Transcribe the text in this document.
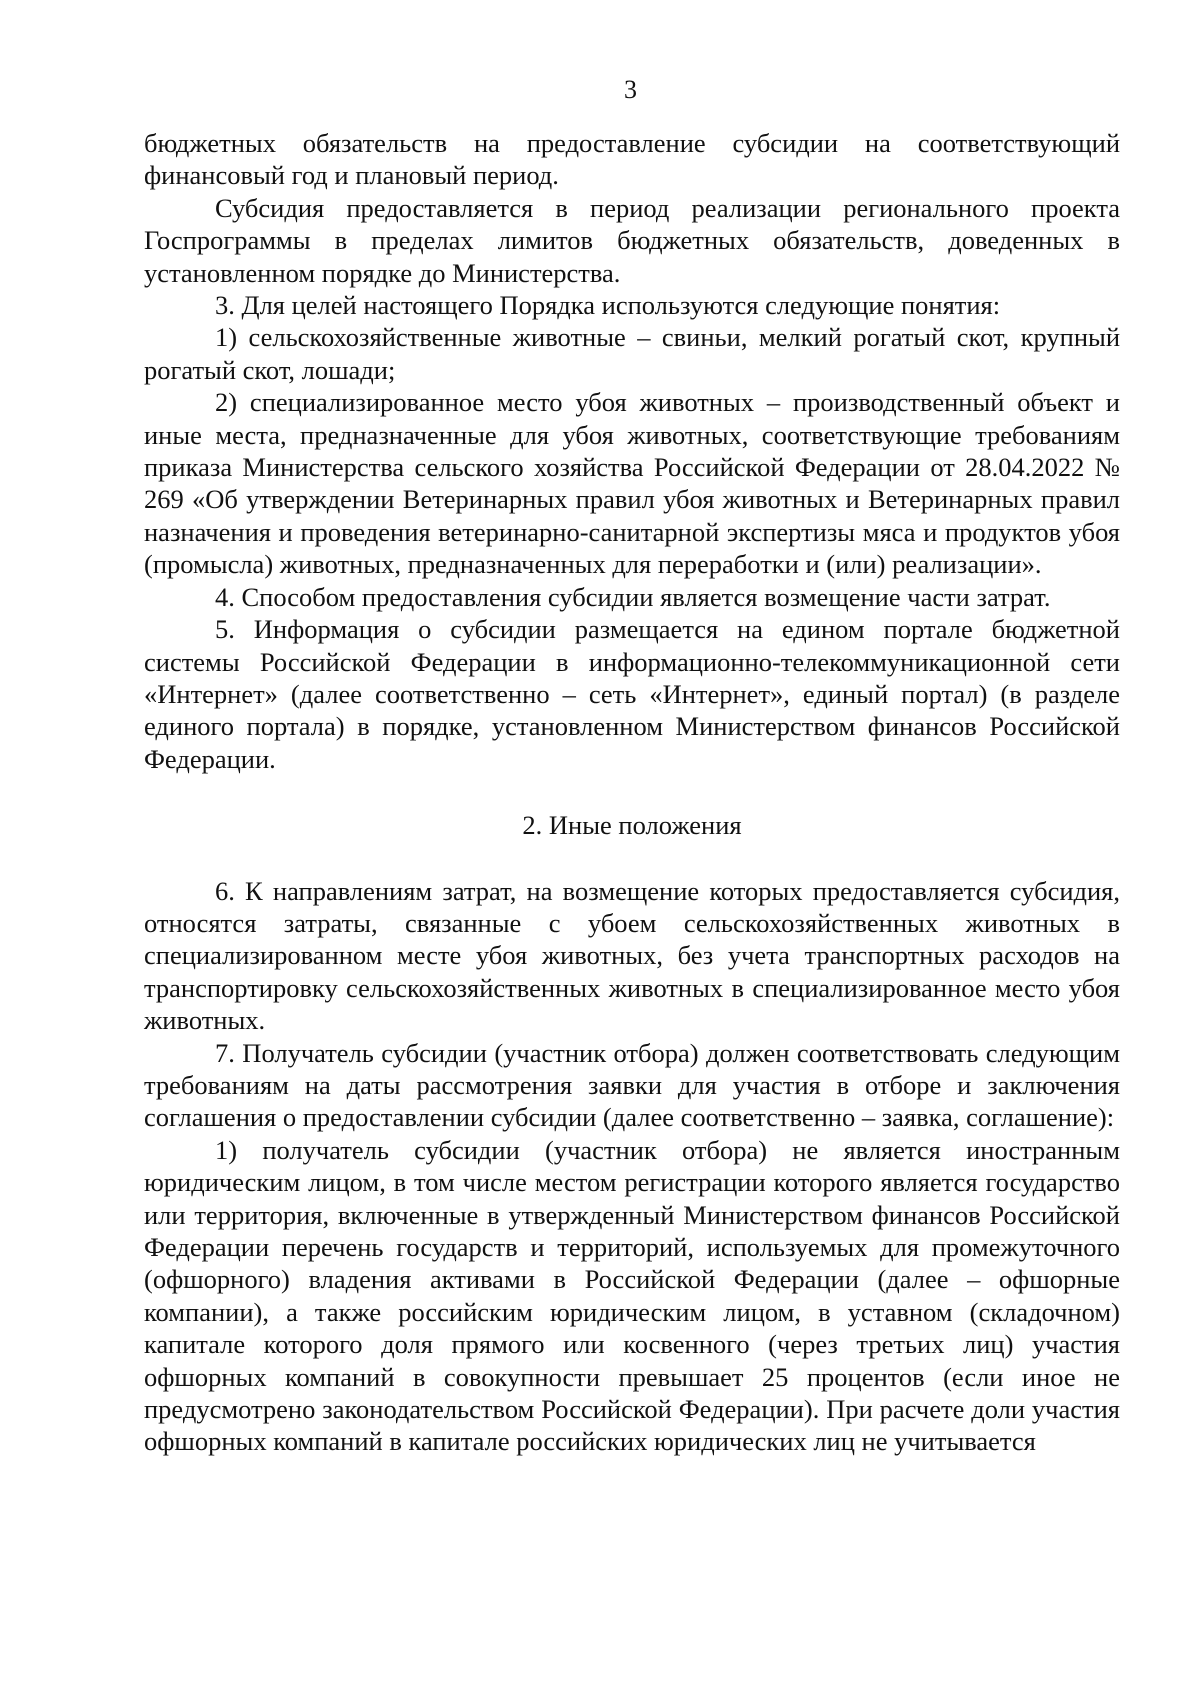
3

бюджетных обязательств на предоставление субсидии на соответствующий финансовый год и плановый период.

Субсидия предоставляется в период реализации регионального проекта Госпрограммы в пределах лимитов бюджетных обязательств, доведенных в установленном порядке до Министерства.

3. Для целей настоящего Порядка используются следующие понятия:

1) сельскохозяйственные животные – свиньи, мелкий рогатый скот, крупный рогатый скот, лошади;

2) специализированное место убоя животных – производственный объект и иные места, предназначенные для убоя животных, соответствующие требованиям приказа Министерства сельского хозяйства Российской Федерации от 28.04.2022 № 269 «Об утверждении Ветеринарных правил убоя животных и Ветеринарных правил назначения и проведения ветеринарно-санитарной экспертизы мяса и продуктов убоя (промысла) животных, предназначенных для переработки и (или) реализации».

4. Способом предоставления субсидии является возмещение части затрат.

5. Информация о субсидии размещается на едином портале бюджетной системы Российской Федерации в информационно-телекоммуникационной сети «Интернет» (далее соответственно – сеть «Интернет», единый портал) (в разделе единого портала) в порядке, установленном Министерством финансов Российской Федерации.

2. Иные положения

6. К направлениям затрат, на возмещение которых предоставляется субсидия, относятся затраты, связанные с убоем сельскохозяйственных животных в специализированном месте убоя животных, без учета транспортных расходов на транспортировку сельскохозяйственных животных в специализированное место убоя животных.

7. Получатель субсидии (участник отбора) должен соответствовать следующим требованиям на даты рассмотрения заявки для участия в отборе и заключения соглашения о предоставлении субсидии (далее соответственно – заявка, соглашение):

1) получатель субсидии (участник отбора) не является иностранным юридическим лицом, в том числе местом регистрации которого является государство или территория, включенные в утвержденный Министерством финансов Российской Федерации перечень государств и территорий, используемых для промежуточного (офшорного) владения активами в Российской Федерации (далее – офшорные компании), а также российским юридическим лицом, в уставном (складочном) капитале которого доля прямого или косвенного (через третьих лиц) участия офшорных компаний в совокупности превышает 25 процентов (если иное не предусмотрено законодательством Российской Федерации). При расчете доли участия офшорных компаний в капитале российских юридических лиц не учитывается
